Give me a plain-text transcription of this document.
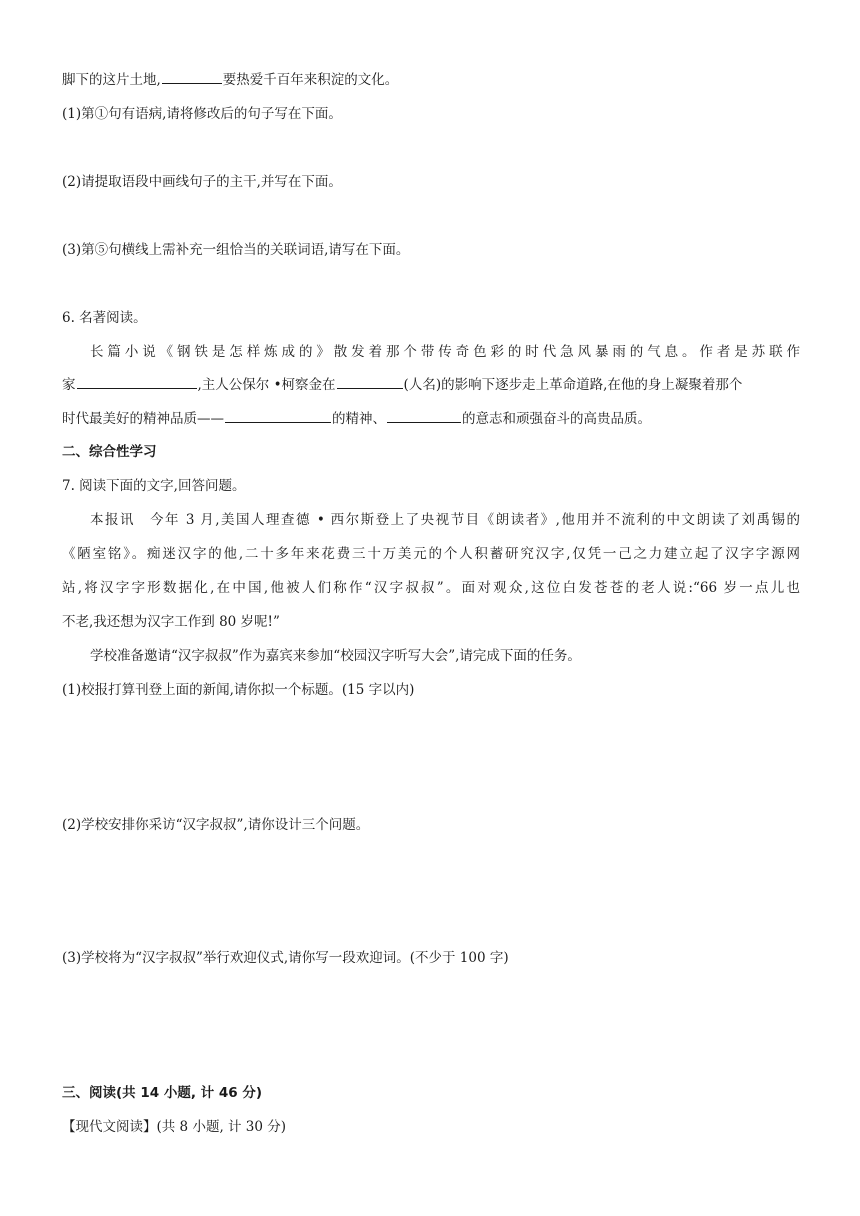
脚下的这片土地,	要热爱千百年来积淀的文化。
(1)第①句有语病,请将修改后的句子写在下面。
(2)请提取语段中画线句子的主干,并写在下面。
(3)第⑤句横线上需补充一组恰当的关联词语,请写在下面。
6. 名著阅读。
长篇小说《钢铁是怎样炼成的》散发着那个带传奇色彩的时代急风暴雨的气息。作者是苏联作
家	,主人公保尔 •柯察金在	(人名)的影响下逐步走上革命道路,在他的身上凝聚着那个
时代最美好的精神品质——	的精神、	的意志和顽强奋斗的高贵品质。
二、综合性学习
7. 阅读下面的文字,回答问题。
本报讯　今年 3 月,美国人理查德 • 西尔斯登上了央视节目《朗读者》,他用并不流利的中文朗读了刘禹锡的
《陋室铭》。痴迷汉字的他,二十多年来花费三十万美元的个人积蓄研究汉字,仅凭一己之力建立起了汉字字源网
站,将汉字字形数据化,在中国,他被人们称作“汉字叔叔”。面对观众,这位白发苍苍的老人说:“66 岁一点儿也
不老,我还想为汉字工作到 80 岁呢!”
学校准备邀请“汉字叔叔”作为嘉宾来参加“校园汉字听写大会”,请完成下面的任务。
(1)校报打算刊登上面的新闻,请你拟一个标题。(15 字以内)
(2)学校安排你采访“汉字叔叔”,请你设计三个问题。
(3)学校将为“汉字叔叔”举行欢迎仪式,请你写一段欢迎词。(不少于 100 字)
三、阅读(共 14 小题, 计 46 分)
【现代文阅读】(共 8 小题, 计 30 分)
